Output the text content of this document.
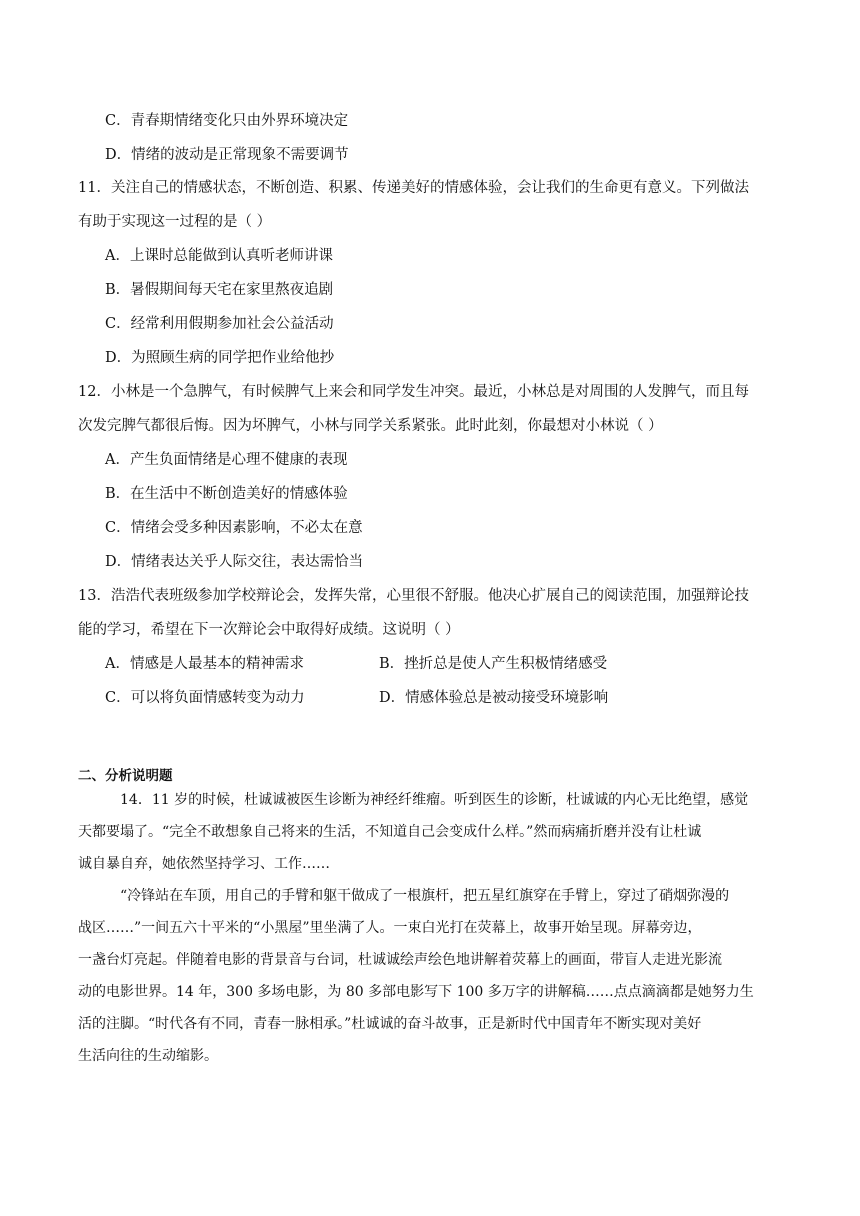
C．青春期情绪变化只由外界环境决定
D．情绪的波动是正常现象不需要调节
11．关注自己的情感状态，不断创造、积累、传递美好的情感体验，会让我们的生命更有意义。下列做法
有助于实现这一过程的是（ ）
A．上课时总能做到认真听老师讲课
B．暑假期间每天宅在家里熬夜追剧
C．经常利用假期参加社会公益活动
D．为照顾生病的同学把作业给他抄
12．小林是一个急脾气，有时候脾气上来会和同学发生冲突。最近，小林总是对周围的人发脾气，而且每
次发完脾气都很后悔。因为坏脾气，小林与同学关系紧张。此时此刻，你最想对小林说（ ）
A．产生负面情绪是心理不健康的表现
B．在生活中不断创造美好的情感体验
C．情绪会受多种因素影响，不必太在意
D．情绪表达关乎人际交往，表达需恰当
13．浩浩代表班级参加学校辩论会，发挥失常，心里很不舒服。他决心扩展自己的阅读范围，加强辩论技
能的学习，希望在下一次辩论会中取得好成绩。这说明（ ）
A．情感是人最基本的精神需求	B．挫折总是使人产生积极情绪感受
C．可以将负面情感转变为动力	D．情感体验总是被动接受环境影响
二、分析说明题
14．11 岁的时候，杜诚诚被医生诊断为神经纤维瘤。听到医生的诊断，杜诚诚的内心无比绝望，感觉
天都要塌了。“完全不敢想象自己将来的生活，不知道自己会变成什么样。”然而病痛折磨并没有让杜诚
诚自暴自弃，她依然坚持学习、工作……
“冷锋站在车顶，用自己的手臂和躯干做成了一根旗杆，把五星红旗穿在手臂上，穿过了硝烟弥漫的
战区……”一间五六十平米的“小黑屋”里坐满了人。一束白光打在荧幕上，故事开始呈现。屏幕旁边，
一盏台灯亮起。伴随着电影的背景音与台词，杜诚诚绘声绘色地讲解着荧幕上的画面，带盲人走进光影流
动的电影世界。14 年，300 多场电影，为 80 多部电影写下 100 多万字的讲解稿……点点滴滴都是她努力生
活的注脚。“时代各有不同，青春一脉相承。”杜诚诚的奋斗故事，正是新时代中国青年不断实现对美好
生活向往的生动缩影。
